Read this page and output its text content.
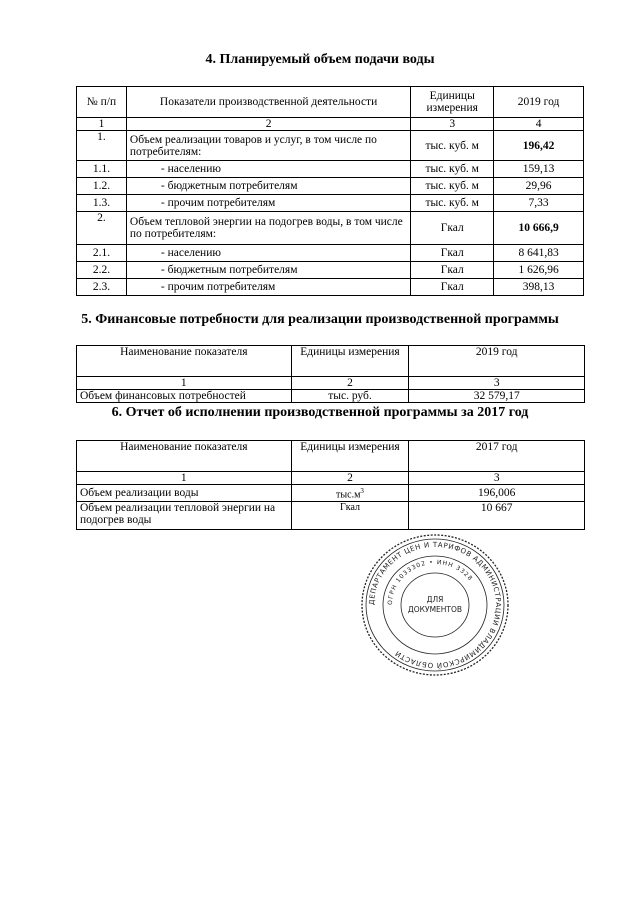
4. Планируемый объем подачи воды
№ п/п	Показатели производственной деятельности	Единицы измерения	2019 год
1	2	3	4
1.	Объем реализации товаров и услуг, в том числе по потребителям:	тыс. куб. м	196,42
1.1.	- населению	тыс. куб. м	159,13
1.2.	- бюджетным потребителям	тыс. куб. м	29,96
1.3.	- прочим потребителям	тыс. куб. м	7,33
2.	Объем тепловой энергии на подогрев воды, в том числе по потребителям:	Гкал	10 666,9
2.1.	- населению	Гкал	8 641,83
2.2.	- бюджетным потребителям	Гкал	1 626,96
2.3.	- прочим потребителям	Гкал	398,13
5. Финансовые потребности для реализации производственной программы
Наименование показателя	Единицы измерения	2019 год
1	2	3
Объем финансовых потребностей	тыс. руб.	32 579,17
6. Отчет об исполнении производственной программы за 2017 год
Наименование показателя	Единицы измерения	2017 год
1	2	3
Объем реализации воды	$тыс.м^3$	196,006
Объем реализации тепловой энергии на подогрев воды	Гкал	10 667
ДЕПАРТАМЕНТ ЦЕН И ТАРИФОВ АДМИНИСТРАЦИИ ВЛАДИМИРСКОЙ ОБЛАСТИ
ОГРН 1033302 • ИНН 3328
ДЛЯ
ДОКУМЕНТОВ
